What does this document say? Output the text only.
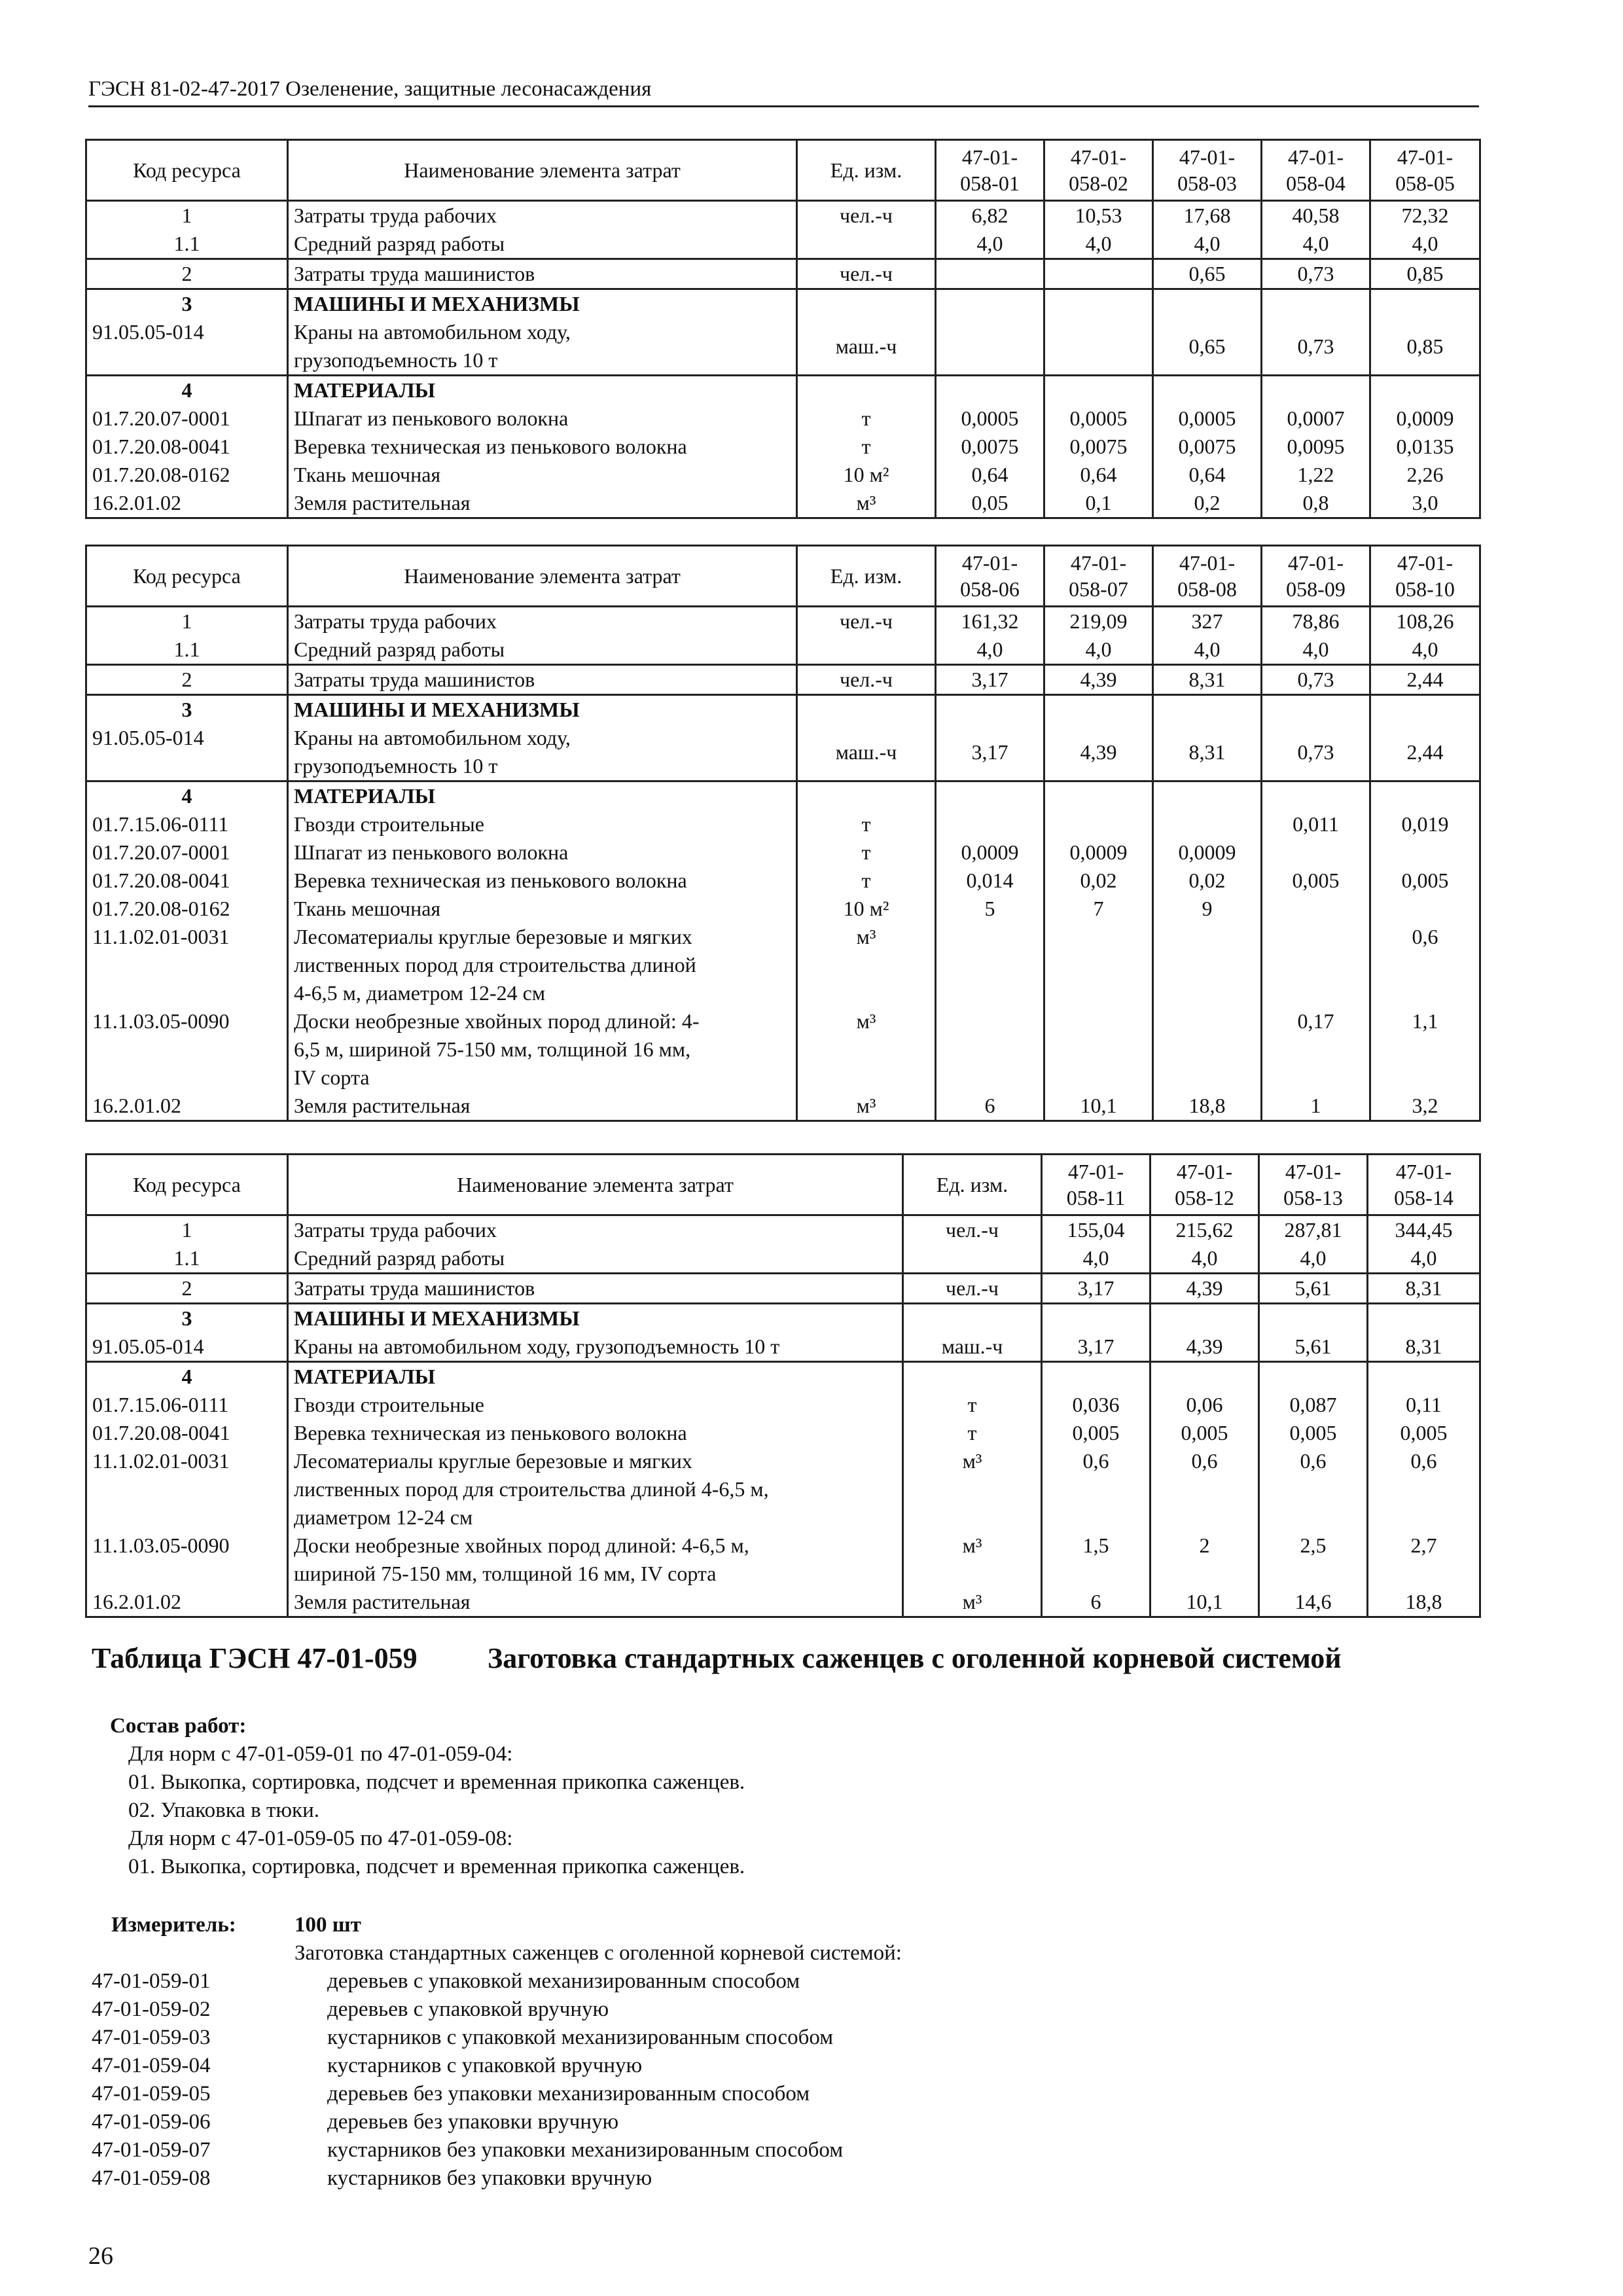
ГЭСН 81-02-47-2017 Озеленение, защитные лесонасаждения
Код ресурса	Наименование элемента затрат	Ед. изм.	47-01-
058-01	47-01-
058-02	47-01-
058-03	47-01-
058-04	47-01-
058-05
1	Затраты труда рабочих	чел.-ч	6,82	10,53	17,68	40,58	72,32
1.1	Средний разряд работы		4,0	4,0	4,0	4,0	4,0
2	Затраты труда машинистов	чел.-ч			0,65	0,73	0,85
3	МАШИНЫ И МЕХАНИЗМЫ						
91.05.05-014	Краны на автомобильном ходу,
грузоподъемность 10 т	маш.-ч			0,65	0,73	0,85
4	МАТЕРИАЛЫ						
01.7.20.07-0001	Шпагат из пенькового волокна	т	0,0005	0,0005	0,0005	0,0007	0,0009
01.7.20.08-0041	Веревка техническая из пенькового волокна	т	0,0075	0,0075	0,0075	0,0095	0,0135
01.7.20.08-0162	Ткань мешочная	10 м²	0,64	0,64	0,64	1,22	2,26
16.2.01.02	Земля растительная	м³	0,05	0,1	0,2	0,8	3,0
Код ресурса	Наименование элемента затрат	Ед. изм.	47-01-
058-06	47-01-
058-07	47-01-
058-08	47-01-
058-09	47-01-
058-10
1	Затраты труда рабочих	чел.-ч	161,32	219,09	327	78,86	108,26
1.1	Средний разряд работы		4,0	4,0	4,0	4,0	4,0
2	Затраты труда машинистов	чел.-ч	3,17	4,39	8,31	0,73	2,44
3	МАШИНЫ И МЕХАНИЗМЫ						
91.05.05-014	Краны на автомобильном ходу,
грузоподъемность 10 т	маш.-ч	3,17	4,39	8,31	0,73	2,44
4	МАТЕРИАЛЫ						
01.7.15.06-0111	Гвозди строительные	т				0,011	0,019
01.7.20.07-0001	Шпагат из пенькового волокна	т	0,0009	0,0009	0,0009		
01.7.20.08-0041	Веревка техническая из пенькового волокна	т	0,014	0,02	0,02	0,005	0,005
01.7.20.08-0162	Ткань мешочная	10 м²	5	7	9		
11.1.02.01-0031	Лесоматериалы круглые березовые и мягких
лиственных пород для строительства длиной
4-6,5 м, диаметром 12-24 см	м³					0,6
11.1.03.05-0090	Доски необрезные хвойных пород длиной: 4-
6,5 м, шириной 75-150 мм, толщиной 16 мм,
IV сорта	м³				0,17	1,1
16.2.01.02	Земля растительная	м³	6	10,1	18,8	1	3,2
Код ресурса	Наименование элемента затрат	Ед. изм.	47-01-
058-11	47-01-
058-12	47-01-
058-13	47-01-
058-14
1	Затраты труда рабочих	чел.-ч	155,04	215,62	287,81	344,45
1.1	Средний разряд работы		4,0	4,0	4,0	4,0
2	Затраты труда машинистов	чел.-ч	3,17	4,39	5,61	8,31
3	МАШИНЫ И МЕХАНИЗМЫ					
91.05.05-014	Краны на автомобильном ходу, грузоподъемность 10 т	маш.-ч	3,17	4,39	5,61	8,31
4	МАТЕРИАЛЫ					
01.7.15.06-0111	Гвозди строительные	т	0,036	0,06	0,087	0,11
01.7.20.08-0041	Веревка техническая из пенькового волокна	т	0,005	0,005	0,005	0,005
11.1.02.01-0031	Лесоматериалы круглые березовые и мягких
лиственных пород для строительства длиной 4-6,5 м,
диаметром 12-24 см	м³	0,6	0,6	0,6	0,6
11.1.03.05-0090	Доски необрезные хвойных пород длиной: 4-6,5 м,
шириной 75-150 мм, толщиной 16 мм, IV сорта	м³	1,5	2	2,5	2,7
16.2.01.02	Земля растительная	м³	6	10,1	14,6	18,8
Таблица ГЭСН 47-01-059 Заготовка стандартных саженцев с оголенной корневой системой
Состав работ:
Для норм с 47-01-059-01 по 47-01-059-04:
01. Выкопка, сортировка, подсчет и временная прикопка саженцев.
02. Упаковка в тюки.
Для норм с 47-01-059-05 по 47-01-059-08:
01. Выкопка, сортировка, подсчет и временная прикопка саженцев.
Измеритель:	100 шт
Заготовка стандартных саженцев с оголенной корневой системой:
47-01-059-01	деревьев с упаковкой механизированным способом
47-01-059-02	деревьев с упаковкой вручную
47-01-059-03	кустарников с упаковкой механизированным способом
47-01-059-04	кустарников с упаковкой вручную
47-01-059-05	деревьев без упаковки механизированным способом
47-01-059-06	деревьев без упаковки вручную
47-01-059-07	кустарников без упаковки механизированным способом
47-01-059-08	кустарников без упаковки вручную
26
